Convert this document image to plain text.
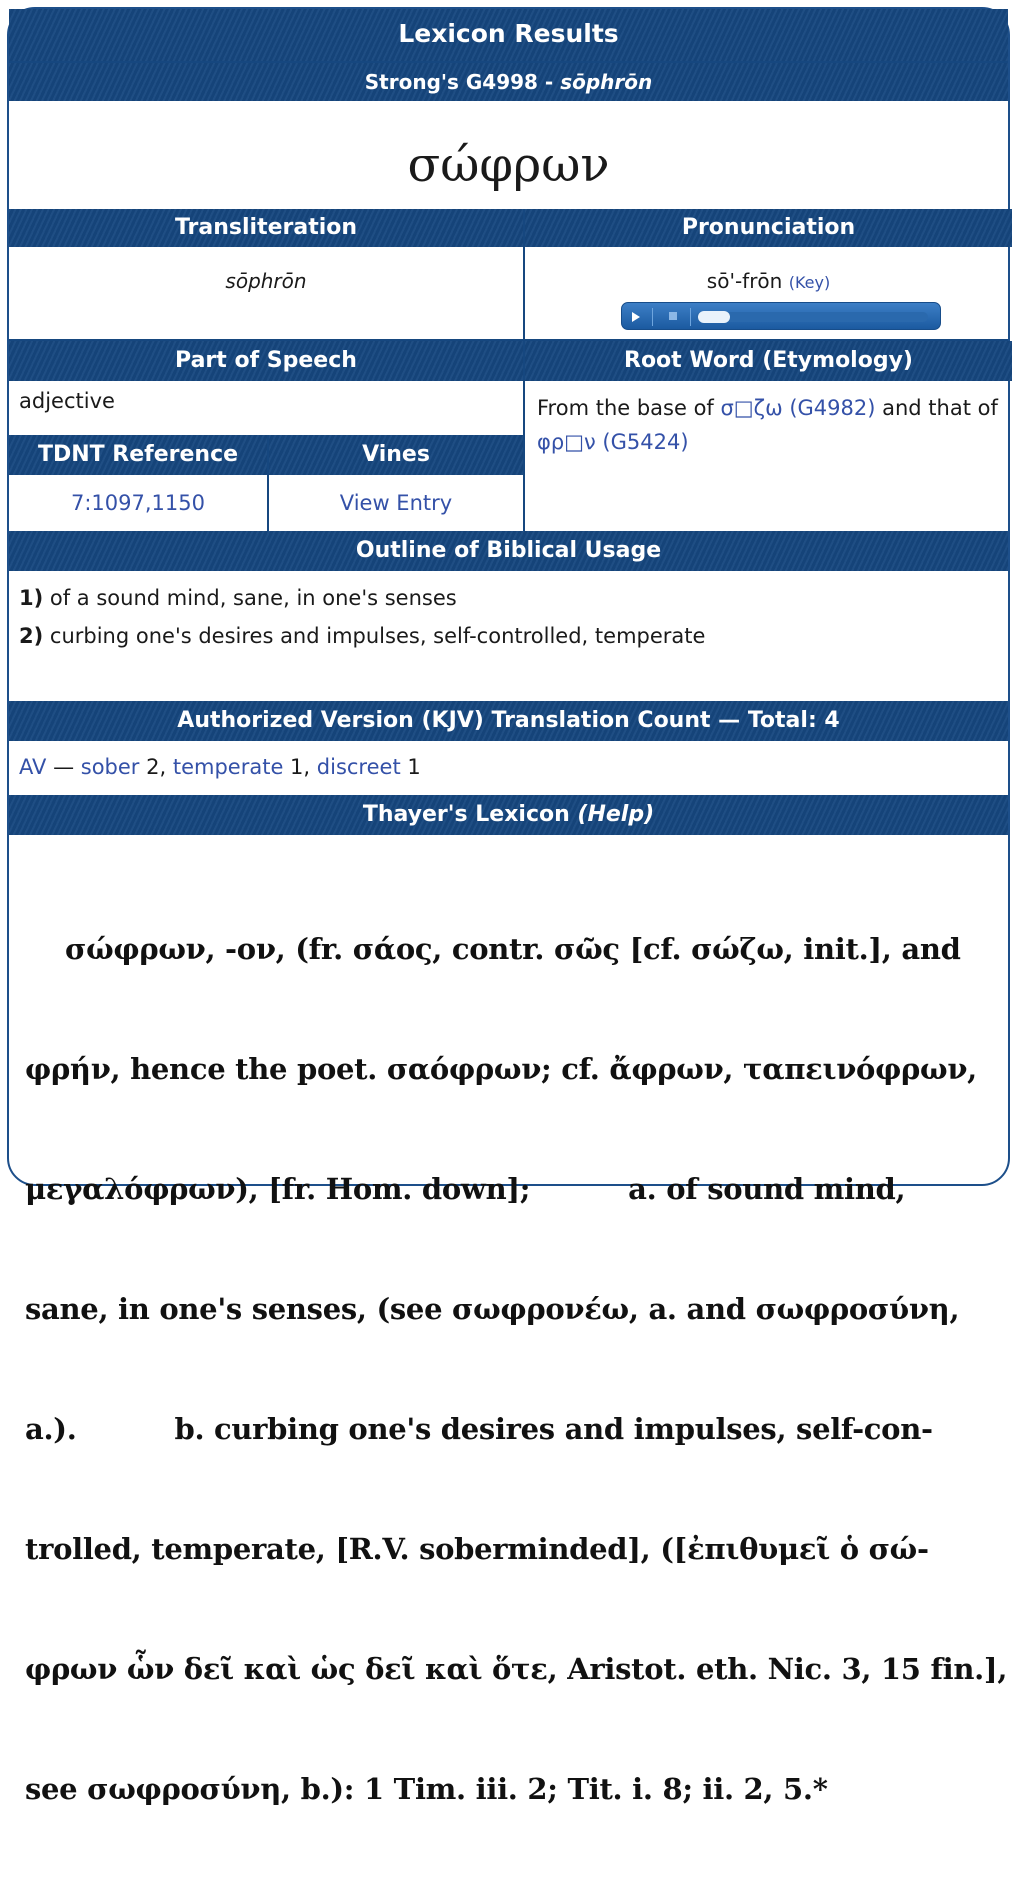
Lexicon Results
Strong's G4998 - sōphrōn
σώφρων
Transliteration	Pronunciation
sōphrōn	sō'-frōn (Key)
Part of Speech	Root Word (Etymology)
adjective	From the base of σ□ζω (G4982) and that of φρ□ν (G5424)
TDNT Reference	Vines
7:1097,1150	View Entry
Outline of Biblical Usage
1) of a sound mind, sane, in one's senses
2) curbing one's desires and impulses, self-controlled, temperate
Authorized Version (KJV) Translation Count — Total: 4
AV — sober 2, temperate 1, discreet 1
Thayer's Lexicon (Help)

σώφρων, -ον, (fr. σάος, contr. σῶς [cf. σώζω, init.], and

φρήν, hence the poet. σαόφρων; cf. ἄφρων, ταπεινόφρων,

μεγαλόφρων), [fr. Hom. down];          a. of sound mind,

sane, in one's senses, (see σωφρονέω, a. and σωφροσύνη,

a.).          b. curbing one's desires and impulses, self-con-

trolled, temperate, [R.V. soberminded], ([ἐπιθυμεῖ ὁ σώ-

φρων ὧν δεῖ καὶ ὡς δεῖ καὶ ὅτε, Aristot. eth. Nic. 3, 15 fin.],

see σωφροσύνη, b.): 1 Tim. iii. 2; Tit. i. 8; ii. 2, 5.*
